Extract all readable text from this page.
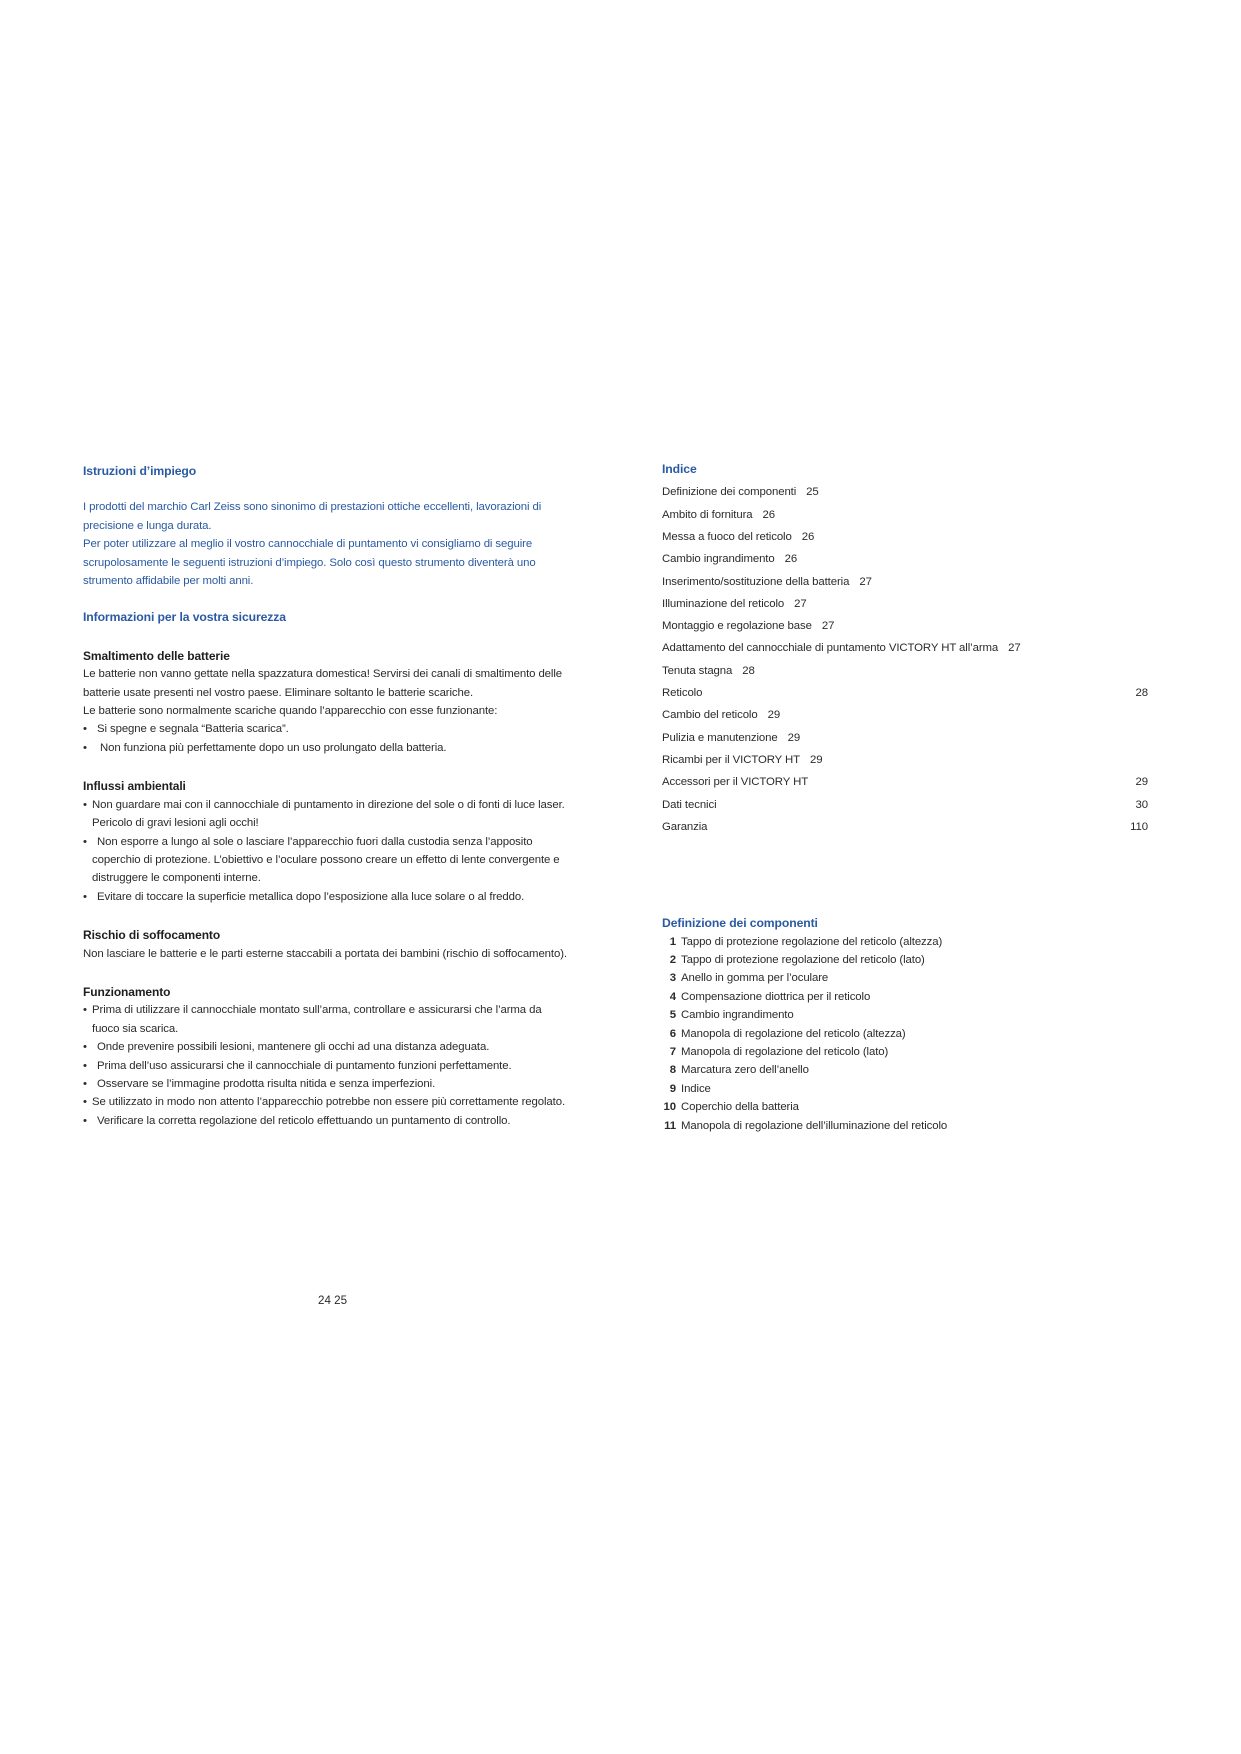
Istruzioni d’impiego

I prodotti del marchio Carl Zeiss sono sinonimo di prestazioni ottiche eccellenti, lavorazioni di

precisione e lunga durata.

Per poter utilizzare al meglio il vostro cannocchiale di puntamento vi consigliamo di seguire

scrupolosamente le seguenti istruzioni d’impiego. Solo così questo strumento diventerà uno

strumento affidabile per molti anni.

Informazioni per la vostra sicurezza
Smaltimento delle batterie

Le batterie non vanno gettate nella spazzatura domestica! Servirsi dei canali di smaltimento delle

batterie usate presenti nel vostro paese. Eliminare soltanto le batterie scariche.

Le batterie sono normalmente scariche quando l’apparecchio con esse funzionante:

• Si spegne e segnala “Batteria scarica”.
•	Non funziona più perfettamente dopo un uso prolungato della batteria.
Influssi ambientali
• Non guardare mai con il cannocchiale di puntamento in direzione del sole o di fonti di luce laser.

Pericolo di gravi lesioni agli occhi!

• Non esporre a lungo al sole o lasciare l’apparecchio fuori dalla custodia senza l’apposito

coperchio di protezione. L’obiettivo e l’oculare possono creare un effetto di lente convergente e

distruggere le componenti interne.

• Evitare di toccare la superficie metallica dopo l’esposizione alla luce solare o al freddo.
Rischio di soffocamento

Non lasciare le batterie e le parti esterne staccabili a portata dei bambini (rischio di soffocamento).

Funzionamento
• Prima di utilizzare il cannocchiale montato sull’arma, controllare e assicurarsi che l’arma da

fuoco sia scarica.

• Onde prevenire possibili lesioni, mantenere gli occhi ad una distanza adeguata.
• Prima dell’uso assicurarsi che il cannocchiale di puntamento funzioni perfettamente.
• Osservare se l’immagine prodotta risulta nitida e senza imperfezioni.
• Se utilizzato in modo non attento l’apparecchio potrebbe non essere più correttamente regolato.
• Verificare la corretta regolazione del reticolo effettuando un puntamento di controllo.
Indice
Definizione dei componenti 25
Ambito di fornitura 26
Messa a fuoco del reticolo 26
Cambio ingrandimento 26
Inserimento/sostituzione della batteria 27
Illuminazione del reticolo 27
Montaggio e regolazione base 27
Adattamento del cannocchiale di puntamento VICTORY HT all’arma 27
Tenuta stagna 28
Reticolo	28
Cambio del reticolo 29
Pulizia e manutenzione 29
Ricambi per il VICTORY HT 29
Accessori per il VICTORY HT	29
Dati tecnici	30
Garanzia	110
Definizione dei componenti
1 Tappo di protezione regolazione del reticolo (altezza)
2 Tappo di protezione regolazione del reticolo (lato)
3 Anello in gomma per l’oculare
4 Compensazione diottrica per il reticolo
5 Cambio ingrandimento
6 Manopola di regolazione del reticolo (altezza)
7 Manopola di regolazione del reticolo (lato)
8 Marcatura zero dell’anello
9 Indice
10 Coperchio della batteria
11 Manopola di regolazione dell’illuminazione del reticolo
24 25
